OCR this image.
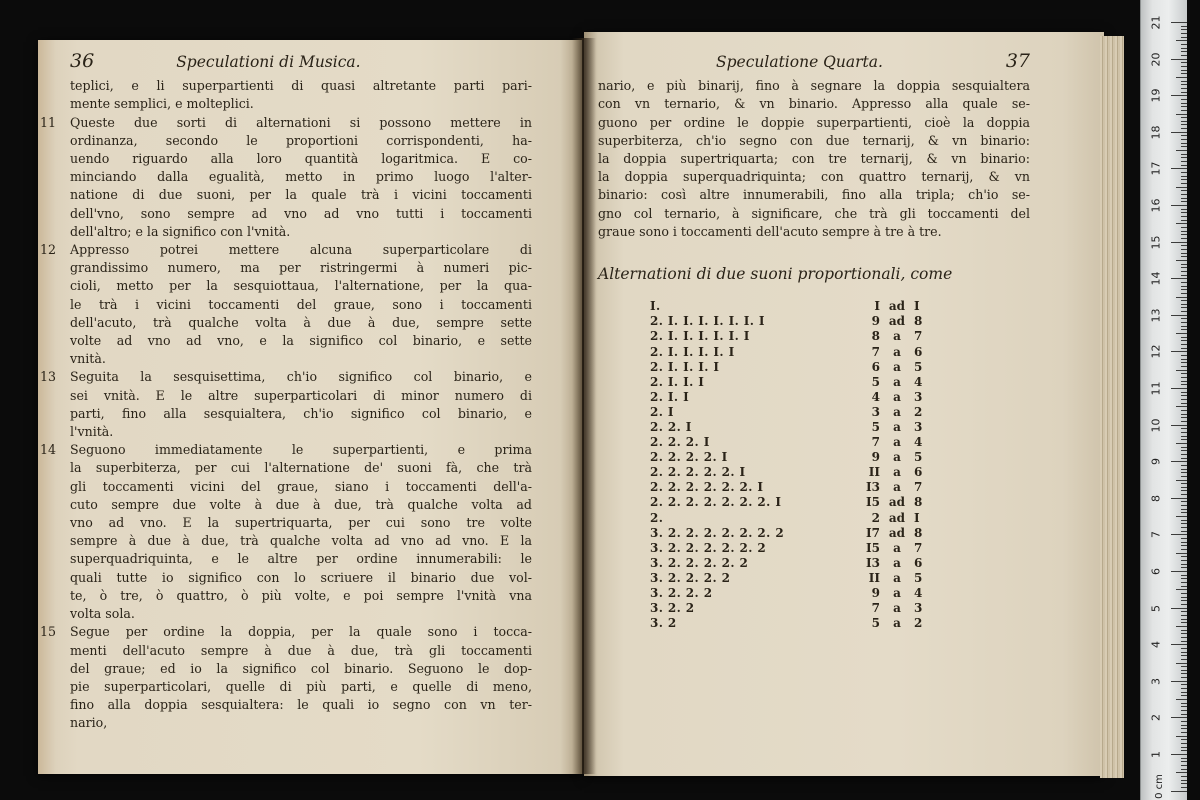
36	Speculationi di Musica.
teplici, e li superpartienti di quasi altretante parti pari-
mente semplici, e molteplici.
11 Queste due sorti di alternationi si possono mettere in
ordinanza, secondo le proportioni corrispondenti, ha-
uendo riguardo alla loro quantità logaritmica. E co-
minciando dalla egualità, metto in primo luogo l'alter-
natione di due suoni, per la quale trà i vicini toccamenti
dell'vno, sono sempre ad vno ad vno tutti i toccamenti
dell'altro; e la significo con l'vnità.
12 Appresso potrei mettere alcuna superparticolare di
grandissimo numero, ma per ristringermi à numeri pic-
cioli, metto per la sesquiottaua, l'alternatione, per la qua-
le trà i vicini toccamenti del graue, sono i toccamenti
dell'acuto, trà qualche volta à due à due, sempre sette
volte ad vno ad vno, e la significo col binario, e sette
vnità.
13 Seguita la sesquisettima, ch'io significo col binario, e
sei vnità. E le altre superparticolari di minor numero di
parti, fino alla sesquialtera, ch'io significo col binario, e
l'vnità.
14 Seguono immediatamente le superpartienti, e prima
la superbiterza, per cui l'alternatione de' suoni fà, che trà
gli toccamenti vicini del graue, siano i toccamenti dell'a-
cuto sempre due volte à due à due, trà qualche volta ad
vno ad vno. E la supertriquarta, per cui sono tre volte
sempre à due à due, trà qualche volta ad vno ad vno. E la
superquadriquinta, e le altre per ordine innumerabili: le
quali tutte io significo con lo scriuere il binario due vol-
te, ò tre, ò quattro, ò più volte, e poi sempre l'vnità vna
volta sola.
15 Segue per ordine la doppia, per la quale sono i tocca-
menti dell'acuto sempre à due à due, trà gli toccamenti
del graue; ed io la significo col binario. Seguono le dop-
pie superparticolari, quelle di più parti, e quelle di meno,
fino alla doppia sesquialtera: le quali io segno con vn ter-
nario,
Speculatione Quarta.	37
nario, e più binarij, fino à segnare la doppia sesquialtera
con vn ternario, & vn binario. Appresso alla quale se-
guono per ordine le doppie superpartienti, cioè la doppia
superbiterza, ch'io segno con due ternarij, & vn binario:
la doppia supertriquarta; con tre ternarij, & vn binario:
la doppia superquadriquinta; con quattro ternarij, & vn
binario: così altre innumerabili, fino alla tripla; ch'io se-
gno col ternario, à significare, che trà gli toccamenti del
graue sono i toccamenti dell'acuto sempre à tre à tre.
Alternationi di due suoni proportionali, come
I.	I ad I
2. I. I. I. I. I. I. I	9 ad 8
2. I. I. I. I. I. I	8	a	7
2. I. I. I. I. I	7	a	6
2. I. I. I. I	6	a	5
2. I. I. I	5	a	4
2. I. I	4	a	3
2. I	3	a	2
2. 2. I	5	a	3
2. 2. 2. I	7	a	4
2. 2. 2. 2. I	9	a	5
2. 2. 2. 2. 2. I	II	a	6
2. 2. 2. 2. 2. 2. I	I3	a	7
2. 2. 2. 2. 2. 2. 2. I	I5 ad 8
2.	2 ad I
3. 2. 2. 2. 2. 2. 2. 2	I7 ad 8
3. 2. 2. 2. 2. 2. 2	I5	a	7
3. 2. 2. 2. 2. 2	I3	a	6
3. 2. 2. 2. 2	II	a	5
3. 2. 2. 2	9	a	4
3. 2. 2	7	a	3
3. 2	5	a	2
0 cm
21
20
19
18
17
16
15
14
13
12
11
10
9
8
7
6
5
4
3
2
1
